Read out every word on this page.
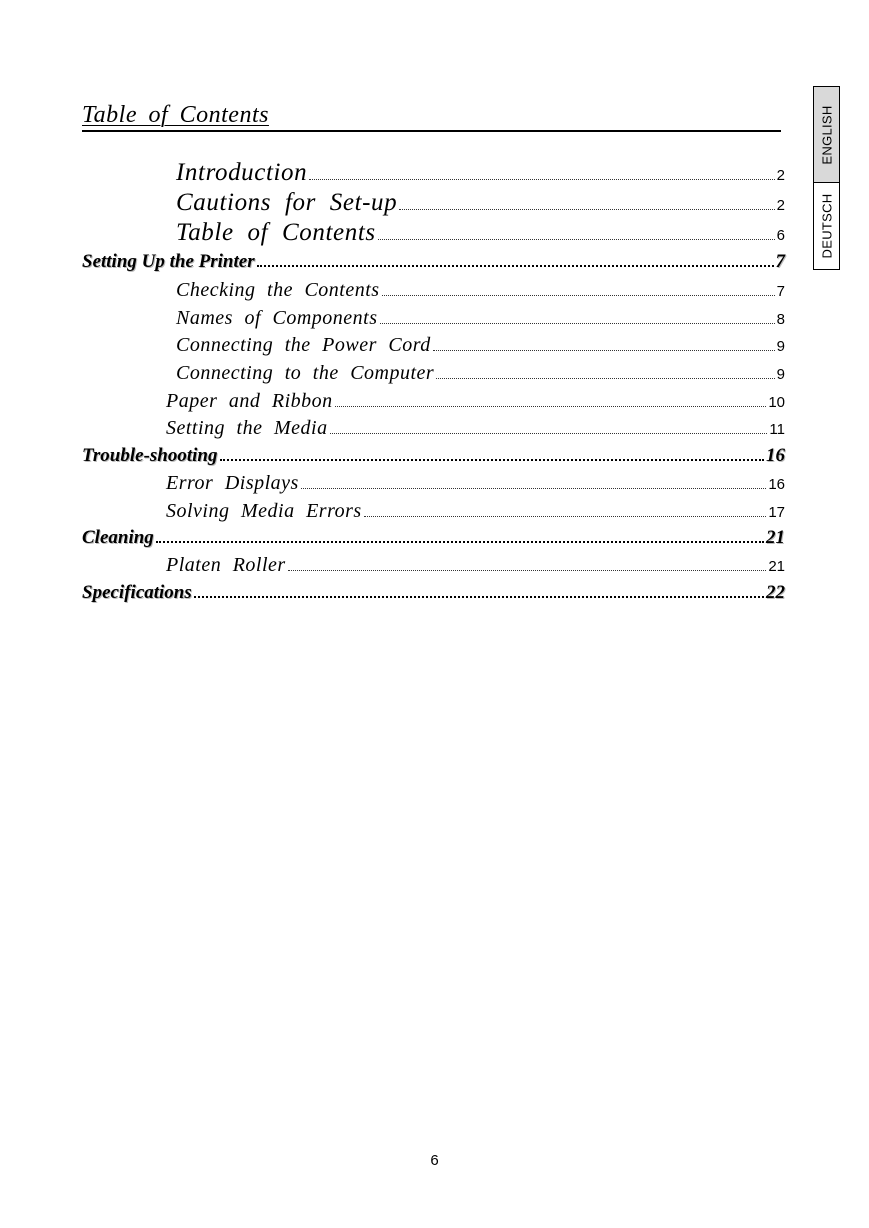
Table of Contents
Introduction	2
Cautions for Set-up	2
Table of Contents	6
Setting Up the Printer	7
Checking the Contents	7
Names of Components	8
Connecting the Power Cord	9
Connecting to the Computer	9
Paper and Ribbon	10
Setting the Media	11
Trouble-shooting	16
Error Displays	16
Solving Media Errors	17
Cleaning	21
Platen Roller	21
Specifications	22
ENGLISH
DEUTSCH
6
